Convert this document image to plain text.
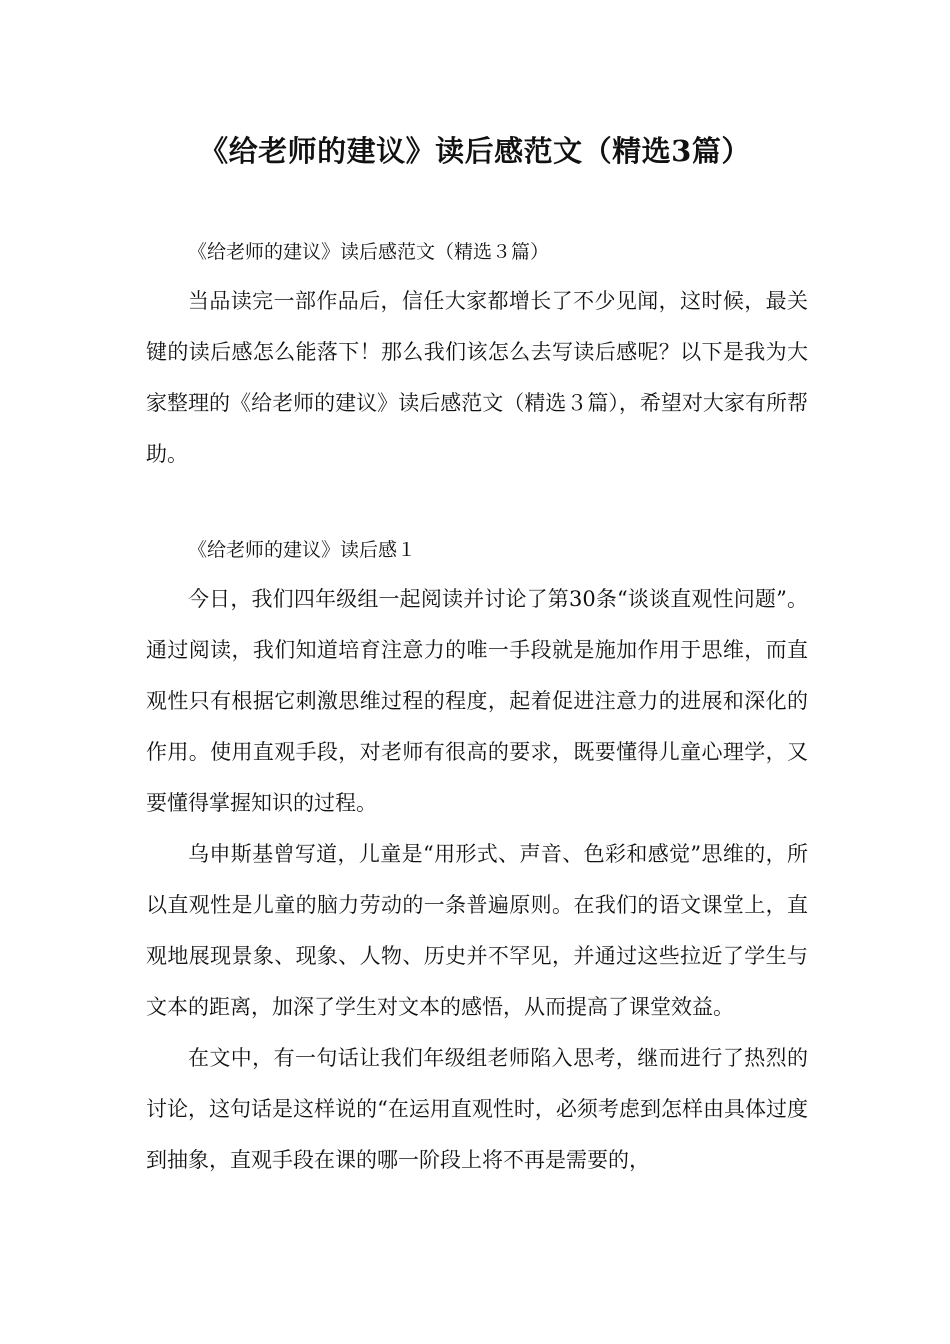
《给老师的建议》读后感范文（精选3篇）
《给老师的建议》读后感范文（精选３篇）

当品读完一部作品后，信任大家都增长了不少见闻，这时候，最关键的读后感怎么能落下！那么我们该怎么去写读后感呢？以下是我为大家整理的《给老师的建议》读后感范文（精选３篇），希望对大家有所帮助。

《给老师的建议》读后感１

今日，我们四年级组一起阅读并讨论了第30条“谈谈直观性问题”。通过阅读，我们知道培育注意力的唯一手段就是施加作用于思维，而直观性只有根据它刺激思维过程的程度，起着促进注意力的进展和深化的作用。使用直观手段，对老师有很高的要求，既要懂得儿童心理学，又要懂得掌握知识的过程。

乌申斯基曾写道，儿童是“用形式、声音、色彩和感觉”思维的，所以直观性是儿童的脑力劳动的一条普遍原则。在我们的语文课堂上，直观地展现景象、现象、人物、历史并不罕见，并通过这些拉近了学生与文本的距离，加深了学生对文本的感悟，从而提高了课堂效益。

在文中，有一句话让我们年级组老师陷入思考，继而进行了热烈的讨论，这句话是这样说的“在运用直观性时，必须考虑到怎样由具体过度到抽象，直观手段在课的哪一阶段上将不再是需要的，
